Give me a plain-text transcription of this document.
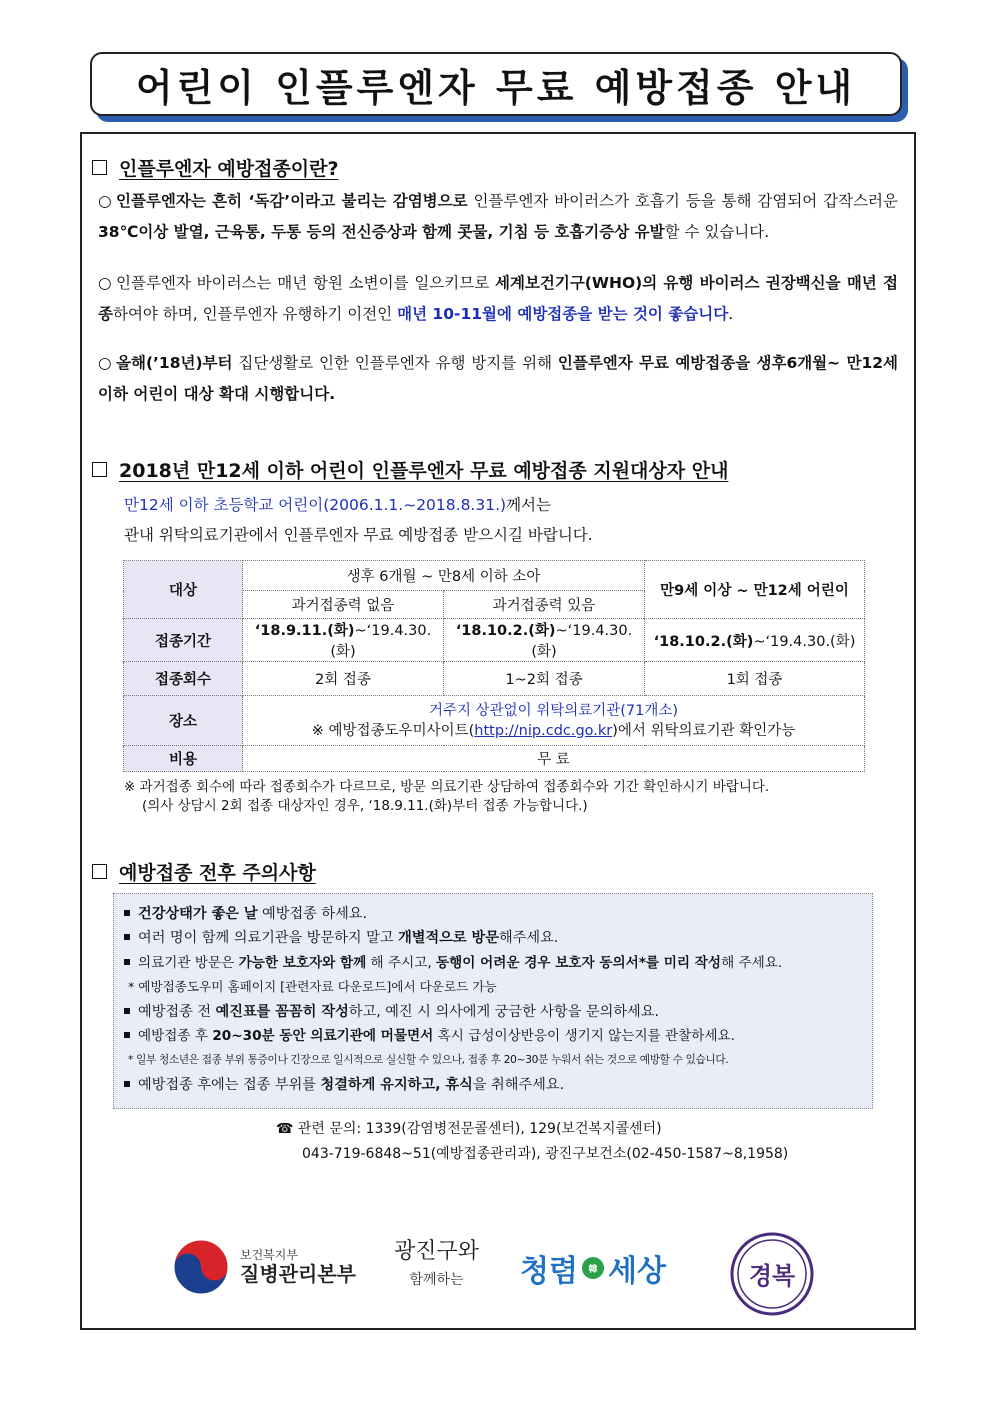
어린이 인플루엔자 무료 예방접종 안내
인플루엔자 예방접종이란?
○ 인플루엔자는 흔히 ‘독감’이라고 불리는 감염병으로 인플루엔자 바이러스가 호흡기 등을 통해 감염되어 갑작스러운 38℃이상 발열, 근육통, 두통 등의 전신증상과 함께 콧물, 기침 등 호흡기증상 유발할 수 있습니다.
○ 인플루엔자 바이러스는 매년 항원 소변이를 일으키므로 세계보건기구(WHO)의 유행 바이러스 권장백신을 매년 접종하여야 하며, 인플루엔자 유행하기 이전인 매년 10-11월에 예방접종을 받는 것이 좋습니다.
○ 올해(’18년)부터 집단생활로 인한 인플루엔자 유행 방지를 위해 인플루엔자 무료 예방접종을 생후6개월~ 만12세 이하 어린이 대상 확대 시행합니다.
2018년 만12세 이하 어린이 인플루엔자 무료 예방접종 지원대상자 안내
만12세 이하 초등학교 어린이(2006.1.1.~2018.8.31.)께서는
관내 위탁의료기관에서 인플루엔자 무료 예방접종 받으시길 바랍니다.
대상	생후 6개월 ~ 만8세 이하 소아		만9세 이상 ~ 만12세 어린이
	과거접종력 없음	과거접종력 있음	
접종기간	‘18.9.11.(화)~‘19.4.30.(화)	‘18.10.2.(화)~‘19.4.30.(화)	‘18.10.2.(화)~‘19.4.30.(화)
접종회수	2회 접종	1~2회 접종	1회 접종
장소	거주지 상관없이 위탁의료기관(71개소)
※ 예방접종도우미사이트(http://nip.cdc.go.kr)에서 위탁의료기관 확인가능		

비용	무 료		
※ 과거접종 회수에 따라 접종회수가 다르므로, 방문 의료기관 상담하여 접종회수와 기간 확인하시기 바랍니다.
(의사 상담시 2회 접종 대상자인 경우, ‘18.9.11.(화)부터 접종 가능합니다.)
예방접종 전후 주의사항
건강상태가 좋은 날 예방접종 하세요.
여러 명이 함께 의료기관을 방문하지 말고 개별적으로 방문해주세요.
의료기관 방문은 가능한 보호자와 함께 해 주시고, 동행이 어려운 경우 보호자 동의서*를 미리 작성해 주세요.
* 예방접종도우미 홈페이지 [관련자료 다운로드]에서 다운로드 가능
예방접종 전 예진표를 꼼꼼히 작성하고, 예진 시 의사에게 궁금한 사항을 문의하세요.
예방접종 후 20~30분 동안 의료기관에 머물면서 혹시 급성이상반응이 생기지 않는지를 관찰하세요.
* 일부 청소년은 접종 부위 통증이나 긴장으로 일시적으로 실신할 수 있으나, 접종 후 20~30분 누워서 쉬는 것으로 예방할 수 있습니다.
예방접종 후에는 접종 부위를 청결하게 유지하고, 휴식을 취해주세요.
☎ 관련 문의: 1339(감염병전문콜센터), 129(보건복지콜센터)
043-719-6848~51(예방접종관리과), 광진구보건소(02-450-1587~8,1958)
보건복지부
질병관리본부
광진구와
함께하는	청렴	韓 세상	경복
